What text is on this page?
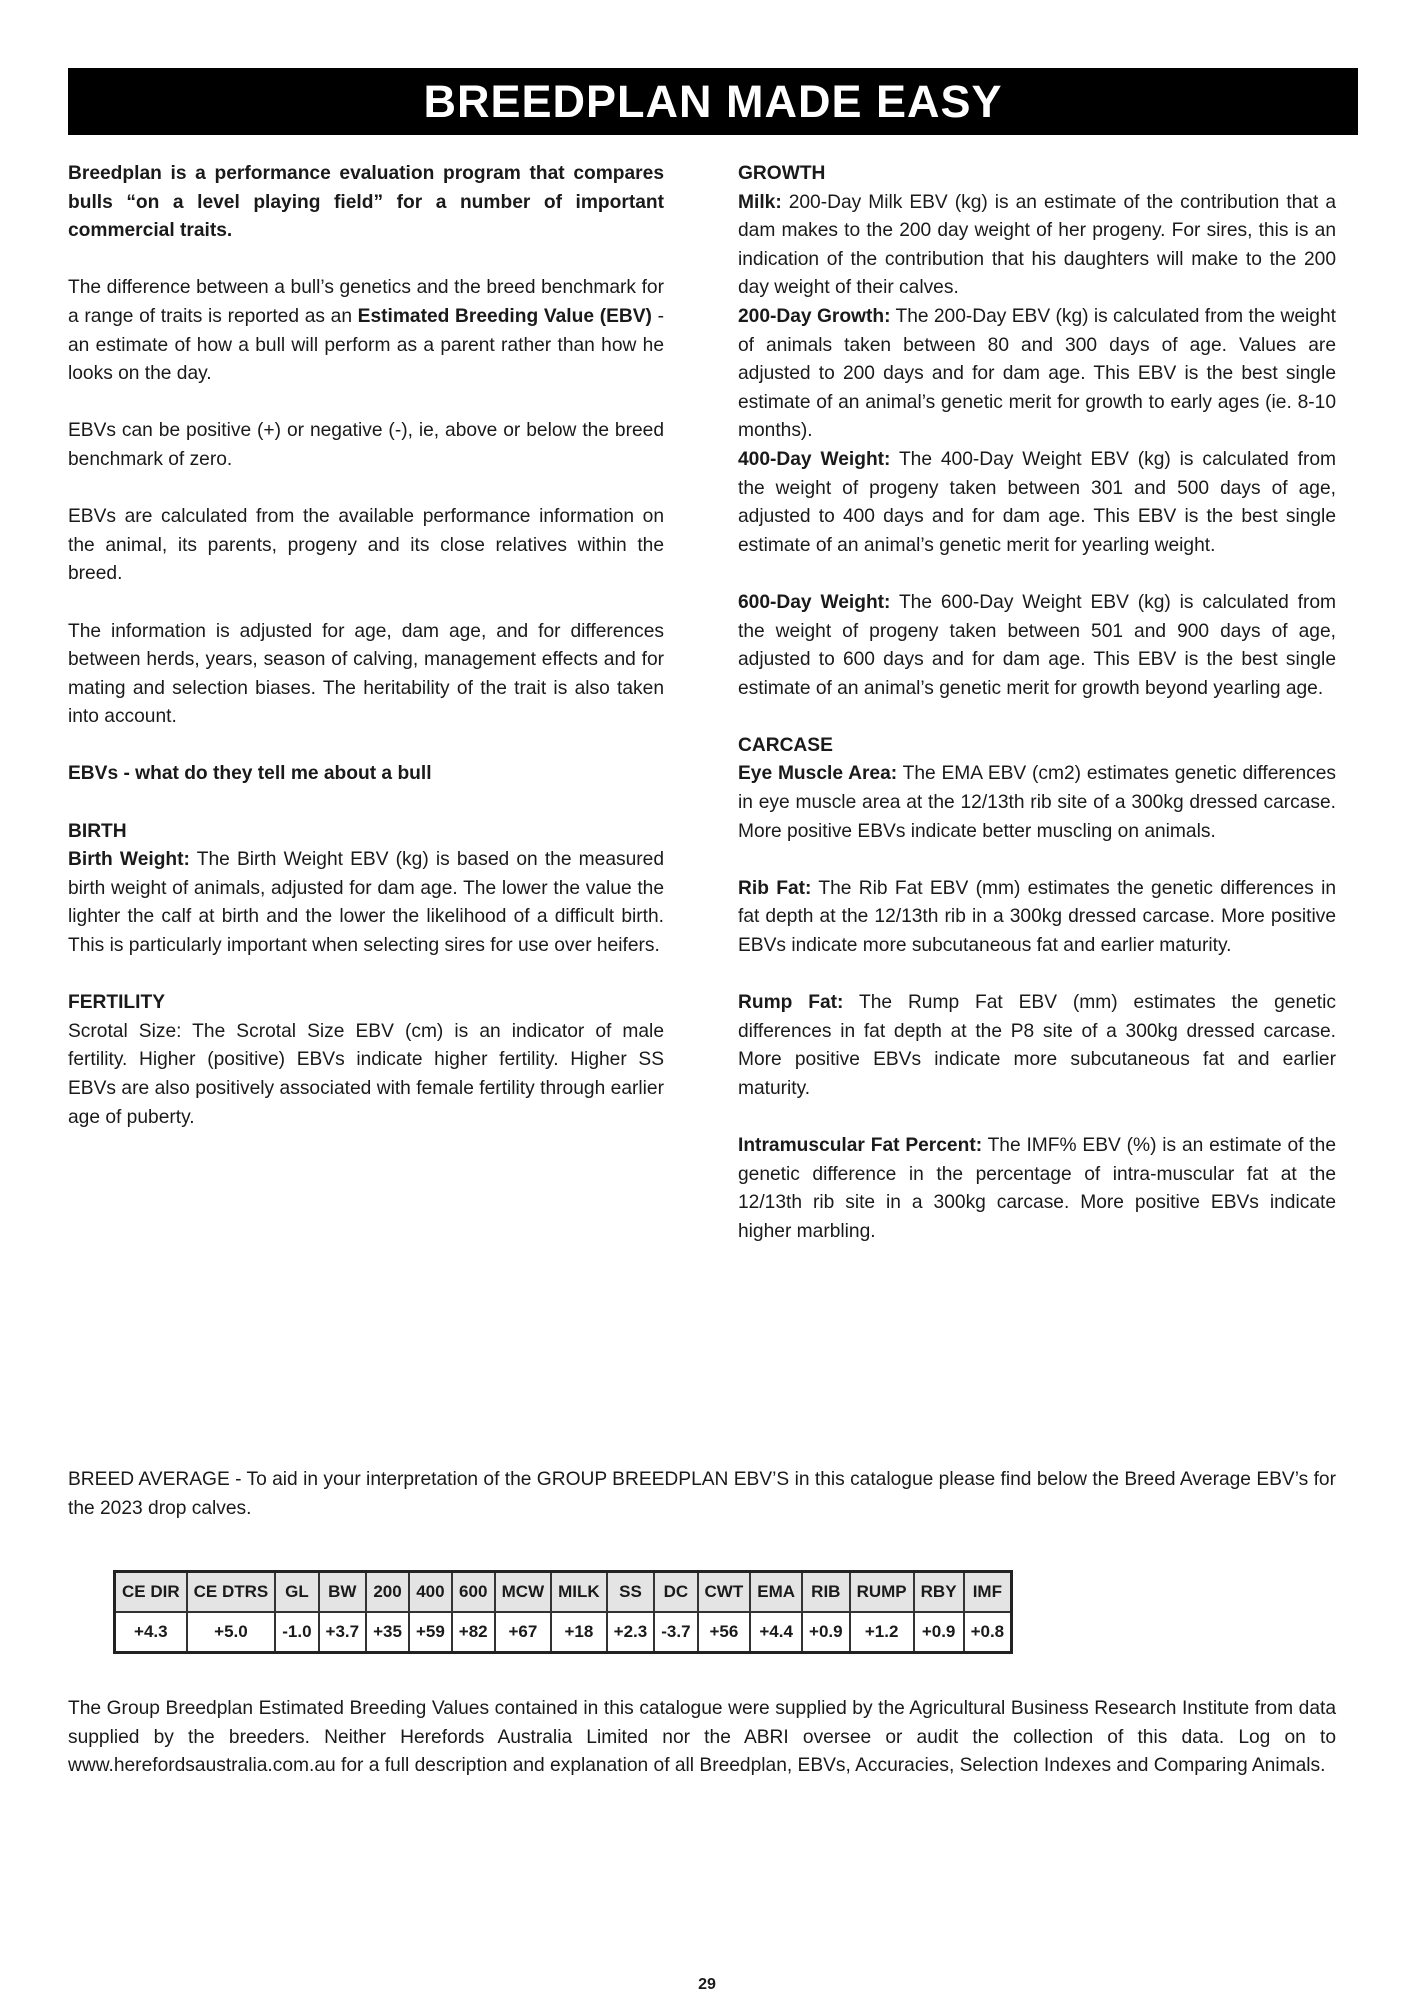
BREEDPLAN MADE EASY

Breedplan is a performance evaluation program that compares bulls “on a level playing field” for a number of important commercial traits.

The difference between a bull’s genetics and the breed benchmark for a range of traits is reported as an Estimated Breeding Value (EBV) - an estimate of how a bull will perform as a parent rather than how he looks on the day.

EBVs can be positive (+) or negative (-), ie, above or below the breed benchmark of zero.

EBVs are calculated from the available performance information on the animal, its parents, progeny and its close relatives within the breed.

The information is adjusted for age, dam age, and for differences between herds, years, season of calving, management effects and for mating and selection biases. The heritability of the trait is also taken into account.

EBVs - what do they tell me about a bull

BIRTH

Birth Weight: The Birth Weight EBV (kg) is based on the measured birth weight of animals, adjusted for dam age. The lower the value the lighter the calf at birth and the lower the likelihood of a difficult birth. This is particularly important when selecting sires for use over heifers.

FERTILITY

Scrotal Size: The Scrotal Size EBV (cm) is an indicator of male fertility. Higher (positive) EBVs indicate higher fertility. Higher SS EBVs are also positively associated with female fertility through earlier age of puberty.

GROWTH

Milk: 200-Day Milk EBV (kg) is an estimate of the contribution that a dam makes to the 200 day weight of her progeny. For sires, this is an indication of the contribution that his daughters will make to the 200 day weight of their calves.

200-Day Growth: The 200-Day EBV (kg) is calculated from the weight of animals taken between 80 and 300 days of age. Values are adjusted to 200 days and for dam age. This EBV is the best single estimate of an animal’s genetic merit for growth to early ages (ie. 8-10 months).

400-Day Weight: The 400-Day Weight EBV (kg) is calculated from the weight of progeny taken between 301 and 500 days of age, adjusted to 400 days and for dam age. This EBV is the best single estimate of an animal’s genetic merit for yearling weight.

600-Day Weight: The 600-Day Weight EBV (kg) is calculated from the weight of progeny taken between 501 and 900 days of age, adjusted to 600 days and for dam age. This EBV is the best single estimate of an animal’s genetic merit for growth beyond yearling age.

CARCASE

Eye Muscle Area: The EMA EBV (cm2) estimates genetic differences in eye muscle area at the 12/13th rib site of a 300kg dressed carcase. More positive EBVs indicate better muscling on animals.

Rib Fat: The Rib Fat EBV (mm) estimates the genetic differences in fat depth at the 12/13th rib in a 300kg dressed carcase. More positive EBVs indicate more subcutaneous fat and earlier maturity.

Rump Fat: The Rump Fat EBV (mm) estimates the genetic differences in fat depth at the P8 site of a 300kg dressed carcase. More positive EBVs indicate more subcutaneous fat and earlier maturity.

Intramuscular Fat Percent: The IMF% EBV (%) is an estimate of the genetic difference in the percentage of intra-muscular fat at the 12/13th rib site in a 300kg carcase. More positive EBVs indicate higher marbling.

BREED AVERAGE - To aid in your interpretation of the GROUP BREEDPLAN EBV’S in this catalogue please find below the Breed Average EBV’s for the 2023 drop calves.

CE DIR	CE DTRS	GL	BW	200	400	600	MCW	MILK	SS	DC	CWT	EMA	RIB	RUMP	RBY	IMF
+4.3	+5.0	-1.0	+3.7	+35	+59	+82	+67	+18	+2.3	-3.7	+56	+4.4	+0.9	+1.2	+0.9	+0.8

The Group Breedplan Estimated Breeding Values contained in this catalogue were supplied by the Agricultural Business Research Institute from data supplied by the breeders. Neither Herefords Australia Limited nor the ABRI oversee or audit the collection of this data. Log on to www.herefordsaustralia.com.au for a full description and explanation of all Breedplan, EBVs, Accuracies, Selection Indexes and Comparing Animals.

29
